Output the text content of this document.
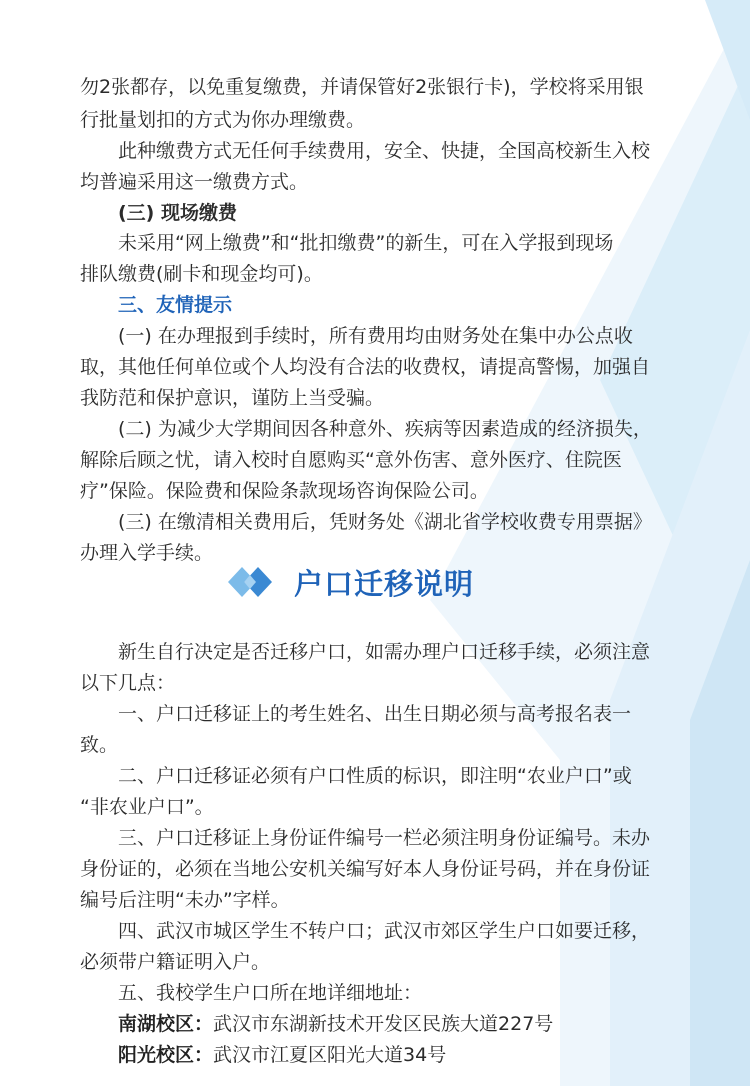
勿2张都存，以免重复缴费，并请保管好2张银行卡)，学校将采用银
行批量划扣的方式为你办理缴费。
此种缴费方式无任何手续费用，安全、快捷，全国高校新生入校
均普遍采用这一缴费方式。
(三) 现场缴费
未采用“网上缴费”和“批扣缴费”的新生，可在入学报到现场
排队缴费(刷卡和现金均可)。
三、友情提示
(一) 在办理报到手续时，所有费用均由财务处在集中办公点收
取，其他任何单位或个人均没有合法的收费权，请提高警惕，加强自
我防范和保护意识，谨防上当受骗。
(二) 为减少大学期间因各种意外、疾病等因素造成的经济损失，
解除后顾之忧，请入校时自愿购买“意外伤害、意外医疗、住院医
疗”保险。保险费和保险条款现场咨询保险公司。
(三) 在缴清相关费用后，凭财务处《湖北省学校收费专用票据》
办理入学手续。
新生自行决定是否迁移户口，如需办理户口迁移手续，必须注意
以下几点：
一、户口迁移证上的考生姓名、出生日期必须与高考报名表一
致。
二、户口迁移证必须有户口性质的标识，即注明“农业户口”或
“非农业户口”。
三、户口迁移证上身份证件编号一栏必须注明身份证编号。未办
身份证的，必须在当地公安机关编写好本人身份证号码，并在身份证
编号后注明“未办”字样。
四、武汉市城区学生不转户口；武汉市郊区学生户口如要迁移，
必须带户籍证明入户。
五、我校学生户口所在地详细地址：
南湖校区：武汉市东湖新技术开发区民族大道227号
阳光校区：武汉市江夏区阳光大道34号
户口迁移说明
